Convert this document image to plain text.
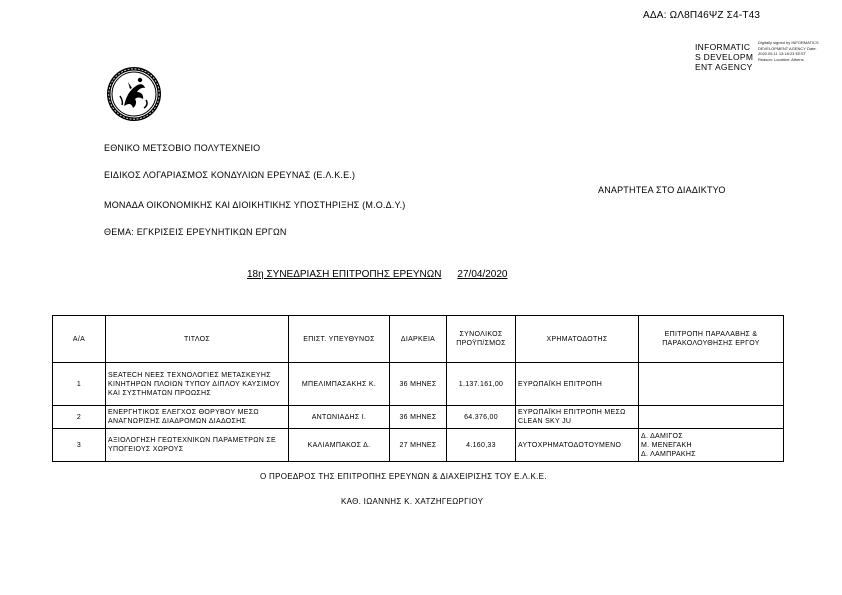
ΑΔΑ: ΩΛ8Π46ΨΖ Σ4-Τ43
INFORMATICS DEVELOPMENT AGENCY
Digitally signed by INFORMATICS DEVELOPMENT AGENCY Date: 2020.05.11 13:18:23 EEST Reason: Location: Athens
ΕΘΝΙΚΟ ΜΕΤΣΟΒΙΟ ΠΟΛΥΤΕΧΝΕΙΟ
ΕΙΔΙΚΟΣ ΛΟΓΑΡΙΑΣΜΟΣ ΚΟΝΔΥΛΙΩΝ ΕΡΕΥΝΑΣ (Ε.Λ.Κ.Ε.)
ΑΝΑΡΤΗΤΕΑ ΣΤΟ ΔΙΑΔΙΚΤΥΟ
ΜΟΝΑΔΑ ΟΙΚΟΝΟΜΙΚΗΣ ΚΑΙ ΔΙΟΙΚΗΤΙΚΗΣ ΥΠΟΣΤΗΡΙΞΗΣ (Μ.Ο.Δ.Υ.)
ΘΕΜΑ: ΕΓΚΡΙΣΕΙΣ ΕΡΕΥΝΗΤΙΚΩΝ ΕΡΓΩΝ
18η ΣΥΝΕΔΡΙΑΣΗ ΕΠΙΤΡΟΠΗΣ ΕΡΕΥΝΩΝ 27/04/2020
Α/Α	ΤΙΤΛΟΣ	ΕΠΙΣΤ. ΥΠΕΥΘΥΝΟΣ	ΔΙΑΡΚΕΙΑ	ΣΥΝΟΛΙΚΟΣ ΠΡΟΫΠ/ΣΜΟΣ	ΧΡΗΜΑΤΟΔΟΤΗΣ	ΕΠΙΤΡΟΠΗ ΠΑΡΑΛΑΒΗΣ & ΠΑΡΑΚΟΛΟΥΘΗΣΗΣ ΕΡΓΟΥ
1	SEATECH ΝΕΕΣ ΤΕΧΝΟΛΟΓΙΕΣ ΜΕΤΑΣΚΕΥΗΣ ΚΙΝΗΤΗΡΩΝ ΠΛΟΙΩΝ ΤΥΠΟΥ ΔΙΠΛΟΥ ΚΑΥΣΙΜΟΥ ΚΑΙ ΣΥΣΤΗΜΑΤΩΝ ΠΡΟΩΣΗΣ	ΜΠΕΛΙΜΠΑΣΑΚΗΣ Κ.	36 ΜΗΝΕΣ	1.137.161,00	ΕΥΡΩΠΑΪΚΗ ΕΠΙΤΡΟΠΗ	
2	ΕΝΕΡΓΗΤΙΚΟΣ ΕΛΕΓΧΟΣ ΘΟΡΥΒΟΥ ΜΕΣΩ ΑΝΑΓΝΩΡΙΣΗΣ ΔΙΑΔΡΟΜΩΝ ΔΙΑΔΟΣΗΣ	ΑΝΤΩΝΙΑΔΗΣ Ι.	36 ΜΗΝΕΣ	64.376,00	ΕΥΡΩΠΑΪΚΗ ΕΠΙΤΡΟΠΗ ΜΕΣΩ CLEAN SKY JU	
3	ΑΞΙΟΛΟΓΗΣΗ ΓΕΩΤΕΧΝΙΚΩΝ ΠΑΡΑΜΕΤΡΩΝ ΣΕ ΥΠΟΓΕΙΟΥΣ ΧΩΡΟΥΣ	ΚΑΛΙΑΜΠΑΚΟΣ Δ.	27 ΜΗΝΕΣ	4.160,33	ΑΥΤΟΧΡΗΜΑΤΟΔΟΤΟΥΜΕΝΟ	Δ. ΔΑΜΙΓΟΣ
Μ. ΜΕΝΕΓΑΚΗ
Δ. ΛΑΜΠΡΑΚΗΣ
Ο ΠΡΟΕΔΡΟΣ ΤΗΣ ΕΠΙΤΡΟΠΗΣ ΕΡΕΥΝΩΝ & ΔΙΑΧΕΙΡΙΣΗΣ ΤΟΥ Ε.Λ.Κ.Ε.
ΚΑΘ. ΙΩΑΝΝΗΣ Κ. ΧΑΤΖΗΓΕΩΡΓΙΟΥ
